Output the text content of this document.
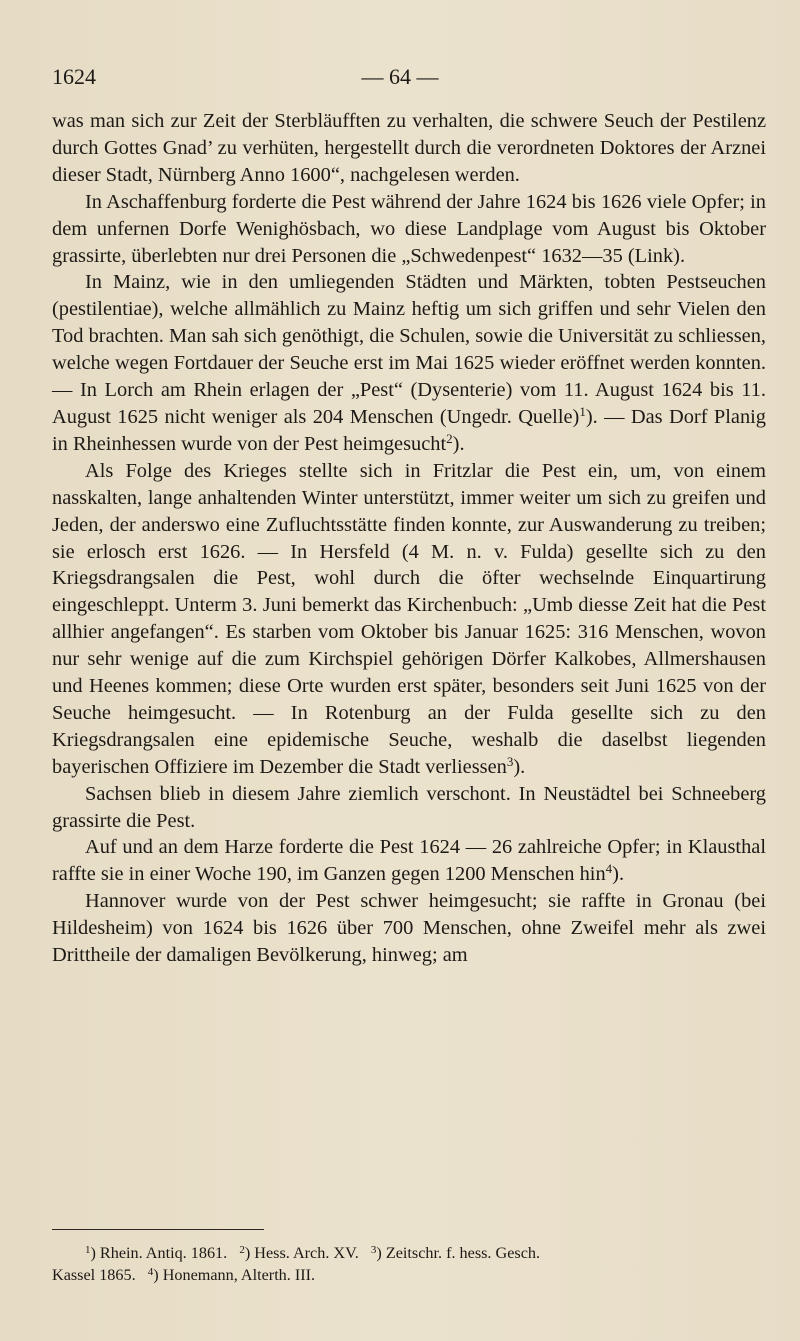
1624	— 64 —

was man sich zur Zeit der Sterbläufften zu verhalten, die schwere Seuch der Pestilenz durch Gottes Gnad’ zu verhüten, hergestellt durch die verordneten Doktores der Arznei dieser Stadt, Nürnberg Anno 1600“, nachgelesen werden.

In Aschaffenburg forderte die Pest während der Jahre 1624 bis 1626 viele Opfer; in dem unfernen Dorfe Wenighösbach, wo diese Landplage vom August bis Oktober grassirte, überlebten nur drei Personen die „Schwedenpest“ 1632—35 (Link).

In Mainz, wie in den umliegenden Städten und Märkten, tobten Pestseuchen (pestilentiae), welche allmählich zu Mainz heftig um sich griffen und sehr Vielen den Tod brachten. Man sah sich genöthigt, die Schulen, sowie die Universität zu schliessen, welche wegen Fortdauer der Seuche erst im Mai 1625 wieder eröffnet werden konnten. — In Lorch am Rhein erlagen der „Pest“ (Dysenterie) vom 11. August 1624 bis 11. August 1625 nicht weniger als 204 Menschen (Ungedr. Quelle)$^1$). — Das Dorf Planig in Rheinhessen wurde von der Pest heimgesucht$^2$).

Als Folge des Krieges stellte sich in Fritzlar die Pest ein, um, von einem nasskalten, lange anhaltenden Winter unterstützt, immer weiter um sich zu greifen und Jeden, der anderswo eine Zufluchtsstätte finden konnte, zur Auswanderung zu treiben; sie erlosch erst 1626. — In Hersfeld (4 M. n. v. Fulda) gesellte sich zu den Kriegsdrangsalen die Pest, wohl durch die öfter wechselnde Einquartirung eingeschleppt. Unterm 3. Juni bemerkt das Kirchenbuch: „Umb diesse Zeit hat die Pest allhier angefangen“. Es starben vom Oktober bis Januar 1625: 316 Menschen, wovon nur sehr wenige auf die zum Kirchspiel gehörigen Dörfer Kalkobes, Allmershausen und Heenes kommen; diese Orte wurden erst später, besonders seit Juni 1625 von der Seuche heimgesucht. — In Rotenburg an der Fulda gesellte sich zu den Kriegsdrangsalen eine epidemische Seuche, weshalb die daselbst liegenden bayerischen Offiziere im Dezember die Stadt verliessen$^3$).

Sachsen blieb in diesem Jahre ziemlich verschont. In Neustädtel bei Schneeberg grassirte die Pest.

Auf und an dem Harze forderte die Pest 1624 — 26 zahlreiche Opfer; in Klausthal raffte sie in einer Woche 190, im Ganzen gegen 1200 Menschen hin$^4$).

Hannover wurde von der Pest schwer heimgesucht; sie raffte in Gronau (bei Hildesheim) von 1624 bis 1626 über 700 Menschen, ohne Zweifel mehr als zwei Drittheile der damaligen Bevölkerung, hinweg; am

$^1$) Rhein. Antiq. 1861. $^2$) Hess. Arch. XV. $^3$) Zeitschr. f. hess. Gesch.

Kassel 1865. $^4$) Honemann, Alterth. III.
